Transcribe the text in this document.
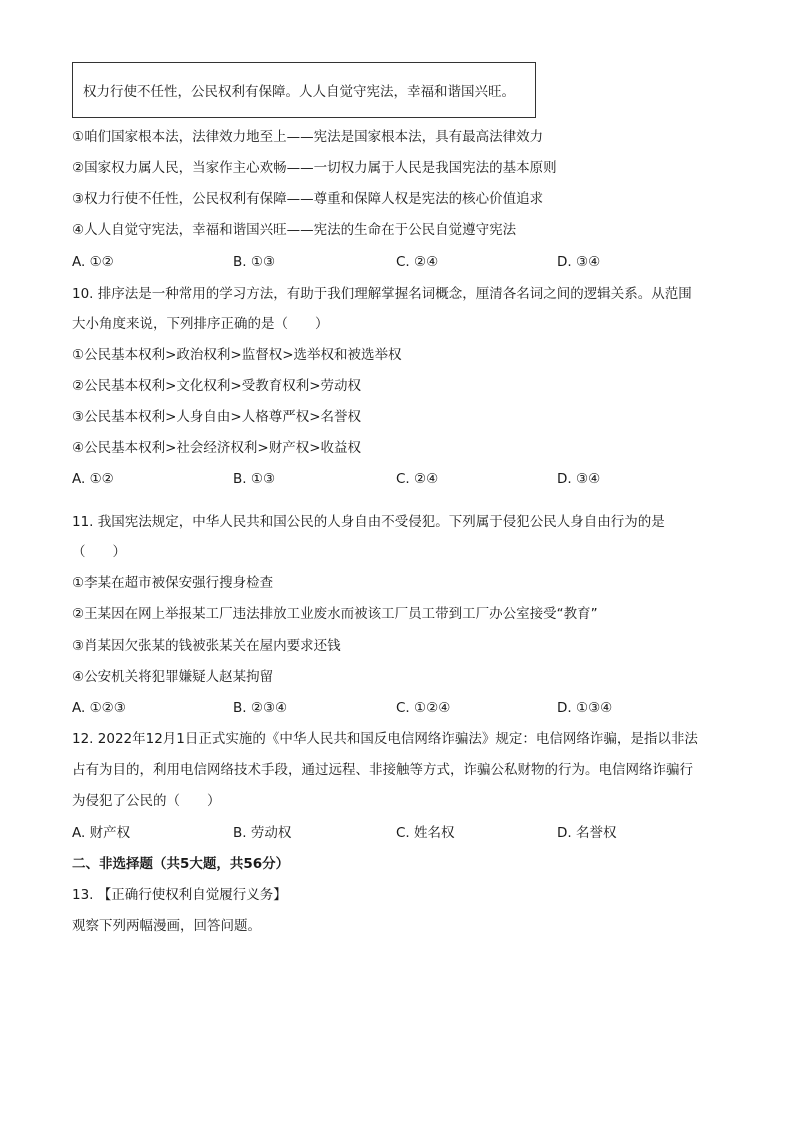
权力行使不任性，公民权利有保障。人人自觉守宪法，幸福和谐国兴旺。
①咱们国家根本法，法律效力地至上——宪法是国家根本法，具有最高法律效力
②国家权力属人民，当家作主心欢畅——一切权力属于人民是我国宪法的基本原则
③权力行使不任性，公民权利有保障——尊重和保障人权是宪法的核心价值追求
④人人自觉守宪法，幸福和谐国兴旺——宪法的生命在于公民自觉遵守宪法
A. ①②	B. ①③	C. ②④	D. ③④
10. 排序法是一种常用的学习方法，有助于我们理解掌握名词概念，厘清各名词之间的逻辑关系。从范围
大小角度来说，下列排序正确的是（　　）
①公民基本权利>政治权利>监督权>选举权和被选举权
②公民基本权利>文化权利>受教育权利>劳动权
③公民基本权利>人身自由>人格尊严权>名誉权
④公民基本权利>社会经济权利>财产权>收益权
A. ①②	B. ①③	C. ②④	D. ③④
11. 我国宪法规定，中华人民共和国公民的人身自由不受侵犯。下列属于侵犯公民人身自由行为的是
（　　）
①李某在超市被保安强行搜身检查
②王某因在网上举报某工厂违法排放工业废水而被该工厂员工带到工厂办公室接受“教育”
③肖某因欠张某的钱被张某关在屋内要求还钱
④公安机关将犯罪嫌疑人赵某拘留
A. ①②③	B. ②③④	C. ①②④	D. ①③④
12. 2022年12月1日正式实施的《中华人民共和国反电信网络诈骗法》规定：电信网络诈骗，是指以非法
占有为目的，利用电信网络技术手段，通过远程、非接触等方式，诈骗公私财物的行为。电信网络诈骗行
为侵犯了公民的（　　）
A. 财产权	B. 劳动权	C. 姓名权	D. 名誉权
二、非选择题（共5大题，共56分）
13. 【正确行使权利自觉履行义务】
观察下列两幅漫画，回答问题。
